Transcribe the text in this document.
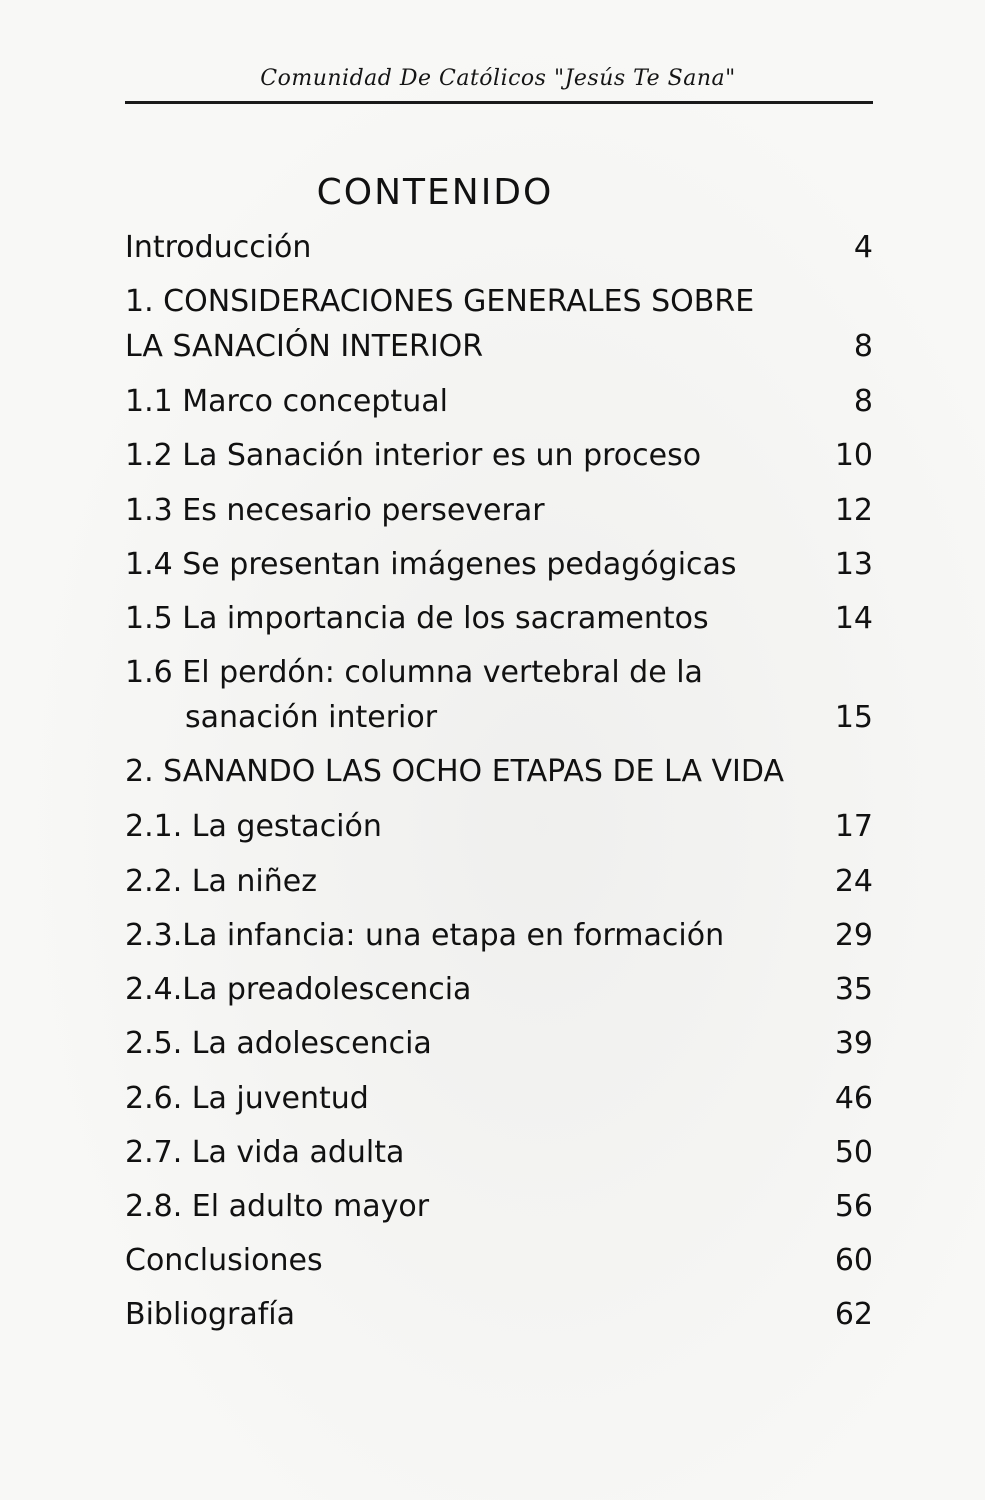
Comunidad De Católicos "Jesús Te Sana"
CONTENIDO
Introducción	4
1. CONSIDERACIONES GENERALES SOBRE
LA SANACIÓN INTERIOR	8
1.1 Marco conceptual	8
1.2 La Sanación interior es un proceso	10
1.3 Es necesario perseverar	12
1.4 Se presentan imágenes pedagógicas	13
1.5 La importancia de los sacramentos	14
1.6 El perdón: columna vertebral de la
sanación interior	15
2. SANANDO LAS OCHO ETAPAS DE LA VIDA
2.1. La gestación	17
2.2. La niñez	24
2.3.La infancia: una etapa en formación	29
2.4.La preadolescencia	35
2.5. La adolescencia	39
2.6. La juventud	46
2.7. La vida adulta	50
2.8. El adulto mayor	56
Conclusiones	60
Bibliografía	62
